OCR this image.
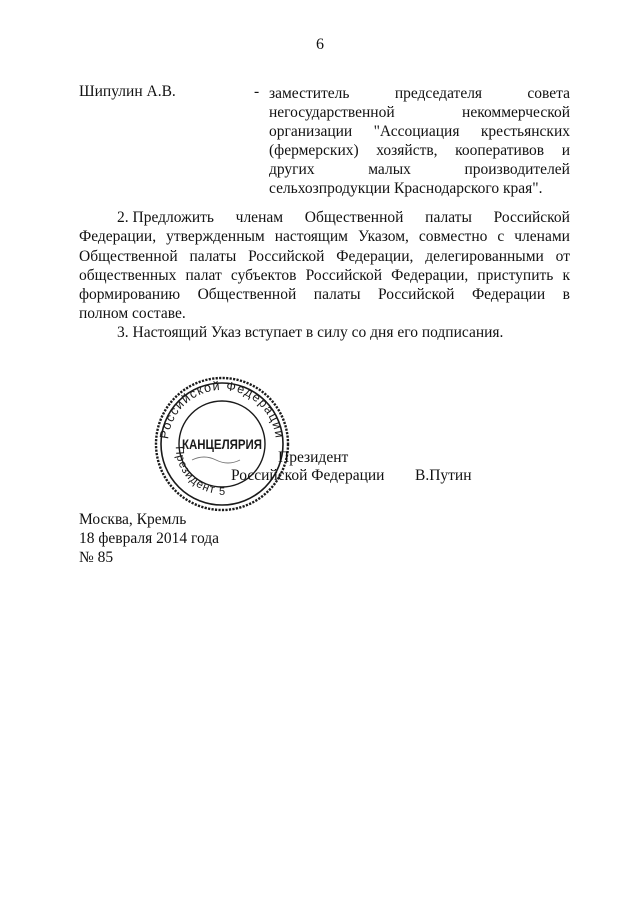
6
Шипулин А.В.	- заместитель	председателя	совета
негосударственной	некоммерческой
организации "Ассоциация крестьянских
(фермерских) хозяйств, кооперативов и
других	малых	производителей
сельхозпродукции Краснодарского края".
2. Предложить членам Общественной палаты Российской
Федерации, утвержденным настоящим Указом, совместно с членами
Общественной палаты Российской Федерации, делегированными от
общественных палат субъектов Российской Федерации, приступить к
формированию Общественной палаты Российской Федерации в
полном составе.
3. Настоящий Указ вступает в силу со дня его подписания.
Российской Федерации
Президент 5
КАНЦЕЛЯРИЯ
Президент
Российской Федерации В.Путин
Москва, Кремль
18 февраля 2014 года
№ 85
